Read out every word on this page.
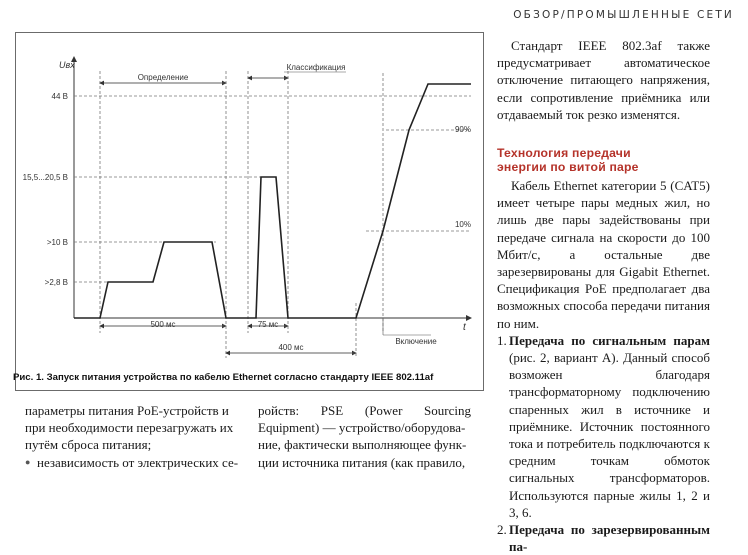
ОБЗОР/ПРОМЫШЛЕННЫЕ СЕТИ
Uвх
t
44 В
15,5...20,5 В
>10 В
>2,8 В
90%
10%
Определение
Классификация
500 мс	75 мс
400 мс
Включение
Рис. 1. Запуск питания устройства по кабелю Ethernet согласно стандарту IEEE 802.11af
Стандарт IEEE 802.3af также предусматривает автоматическое отключение питающего напряжения, если сопротивление приёмника или отдаваемый ток резко изменятся.
Технология передачи
энергии по витой паре

Кабель Ethernet категории 5 (CAT5) имеет четыре пары медных жил, но лишь две пары задействованы при передаче сигнала на скорости до 100 Мбит/с, а остальные две зарезервированы для Gigabit Ethernet. Спецификация PoE предполагает два возможных способа передачи питания по ним.

1. Передача по сигнальным парам (рис. 2, вариант А). Данный способ возможен благодаря трансформаторному подключению спаренных жил в источнике и приёмнике. Источник постоянного тока и потребитель подключаются к средним точкам обмоток сигнальных трансформаторов. Используются парные жилы 1, 2 и 3, 6.
2. Передача по зарезервированным па-
параметры питания PoE-устройств и
при необходимости перезагружать их
путём сброса питания;
● независимость от электрических се-
ройств: PSE (Power Sourcing
Equipment) — устройство/оборудова-
ние, фактически выполняющее функ-
ции источника питания (как правило,
